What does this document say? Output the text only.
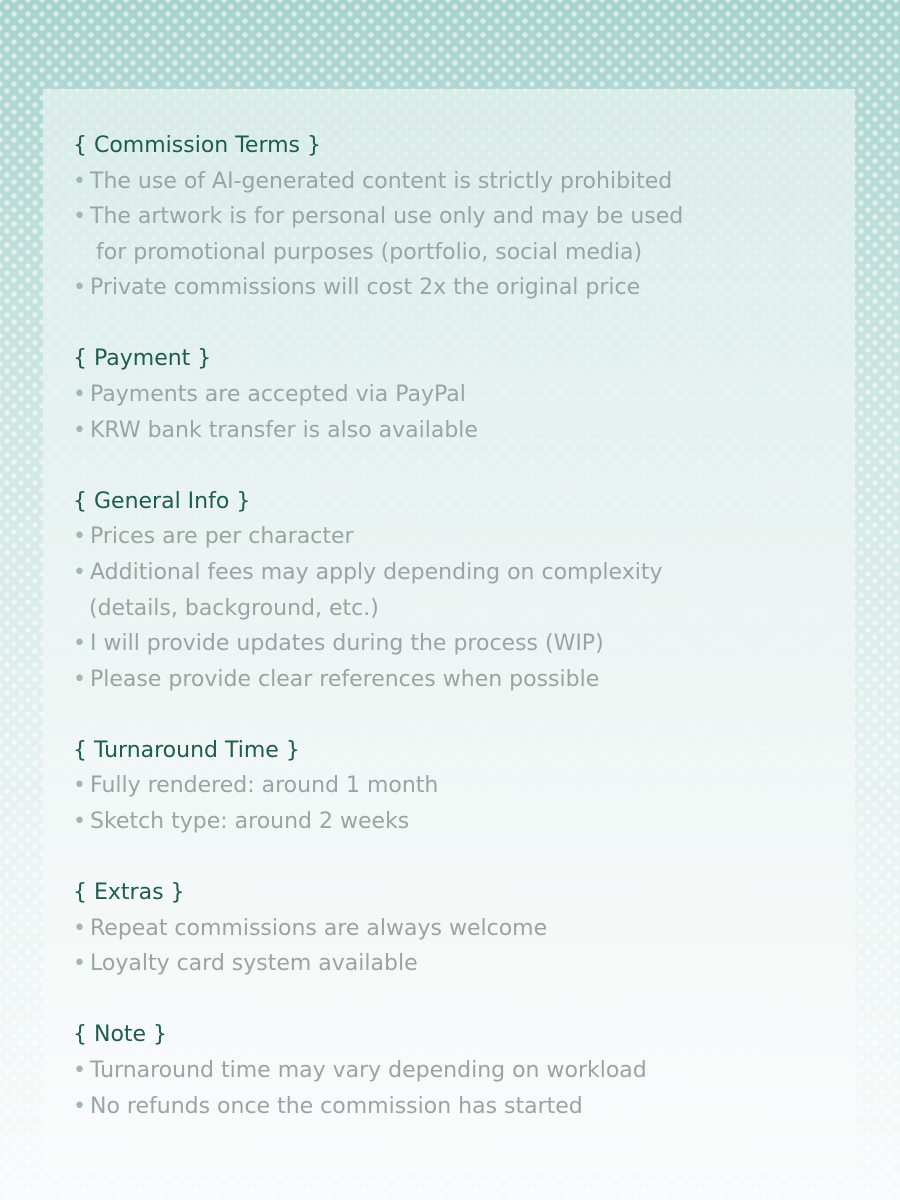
{ Commission Terms }
• The use of AI-generated content is strictly prohibited
• The artwork is for personal use only and may be used
for promotional purposes (portfolio, social media)
• Private commissions will cost 2x the original price
{ Payment }
• Payments are accepted via PayPal
• KRW bank transfer is also available
{ General Info }
• Prices are per character
• Additional fees may apply depending on complexity
(details, background, etc.)
• I will provide updates during the process (WIP)
• Please provide clear references when possible
{ Turnaround Time }
• Fully rendered: around 1 month
• Sketch type: around 2 weeks
{ Extras }
• Repeat commissions are always welcome
• Loyalty card system available
{ Note }
• Turnaround time may vary depending on workload
• No refunds once the commission has started
